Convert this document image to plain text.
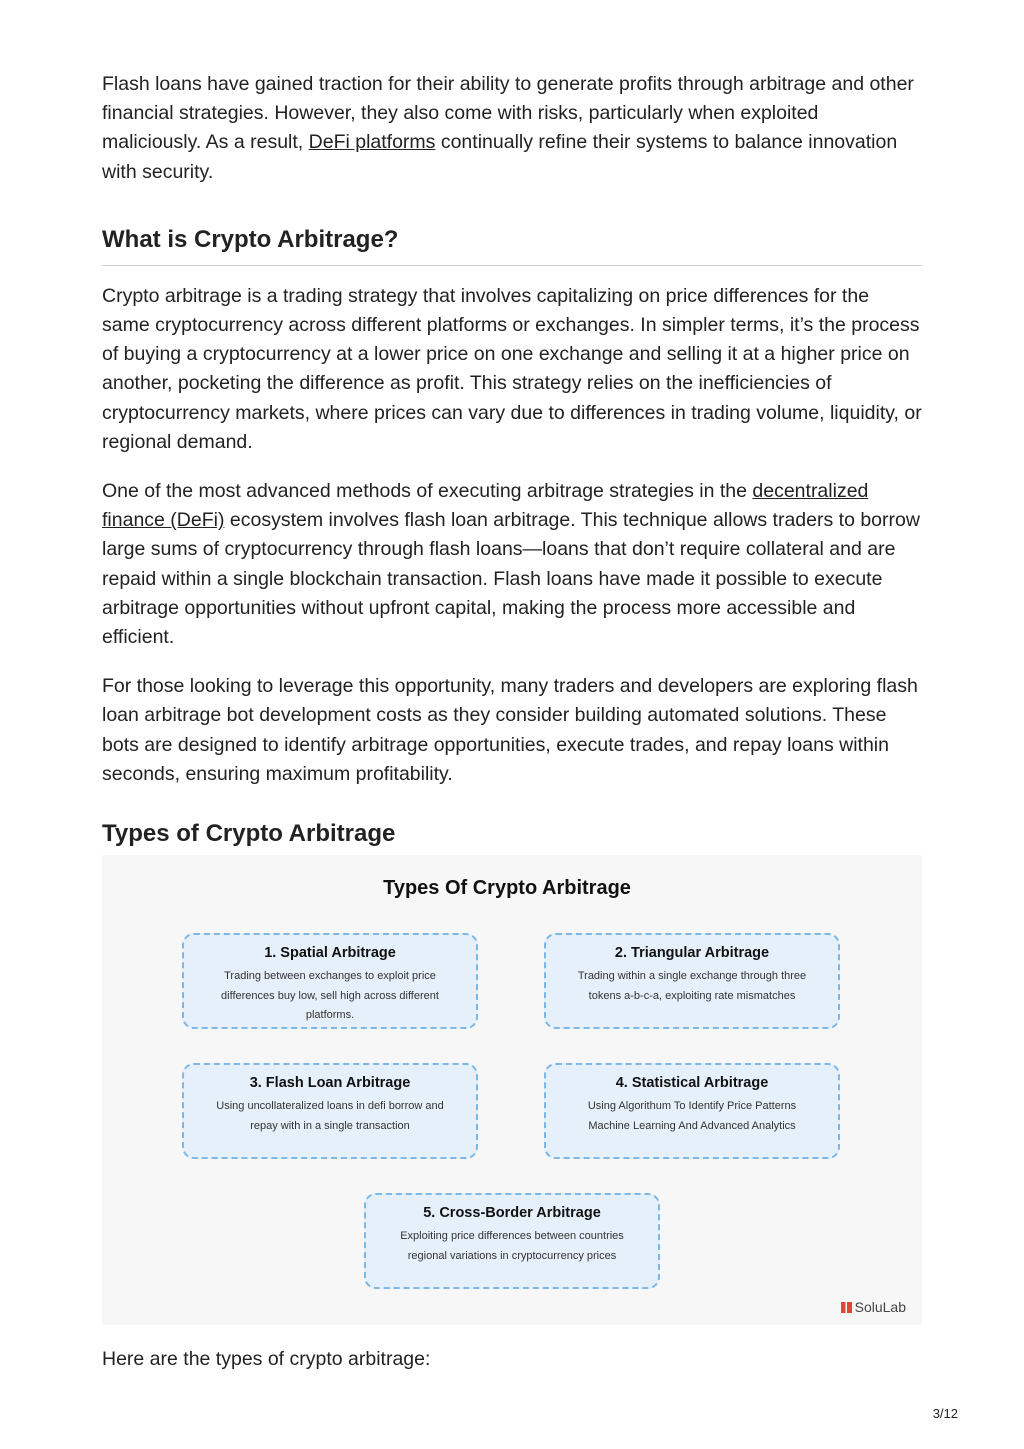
Flash loans have gained traction for their ability to generate profits through arbitrage and other financial strategies. However, they also come with risks, particularly when exploited maliciously. As a result, DeFi platforms continually refine their systems to balance innovation with security.

What is Crypto Arbitrage?

Crypto arbitrage is a trading strategy that involves capitalizing on price differences for the same cryptocurrency across different platforms or exchanges. In simpler terms, it’s the process of buying a cryptocurrency at a lower price on one exchange and selling it at a higher price on another, pocketing the difference as profit. This strategy relies on the inefficiencies of cryptocurrency markets, where prices can vary due to differences in trading volume, liquidity, or regional demand.

One of the most advanced methods of executing arbitrage strategies in the decentralized finance (DeFi) ecosystem involves flash loan arbitrage. This technique allows traders to borrow large sums of cryptocurrency through flash loans—loans that don’t require collateral and are repaid within a single blockchain transaction. Flash loans have made it possible to execute arbitrage opportunities without upfront capital, making the process more accessible and efficient.

For those looking to leverage this opportunity, many traders and developers are exploring flash loan arbitrage bot development costs as they consider building automated solutions. These bots are designed to identify arbitrage opportunities, execute trades, and repay loans within seconds, ensuring maximum profitability.

Types of Crypto Arbitrage
Types Of Crypto Arbitrage
1. Spatial Arbitrage
Trading between exchanges to exploit price differences buy low, sell high across different platforms.
2. Triangular Arbitrage
Trading within a single exchange through three tokens a-b-c-a, exploiting rate mismatches
3. Flash Loan Arbitrage
Using uncollateralized loans in defi borrow and repay with in a single transaction
4. Statistical Arbitrage
Using Algorithum To Identify Price Patterns Machine Learning And Advanced Analytics
5. Cross-Border Arbitrage
Exploiting price differences between countries regional variations in cryptocurrency prices
SoluLab

Here are the types of crypto arbitrage:

3/12
